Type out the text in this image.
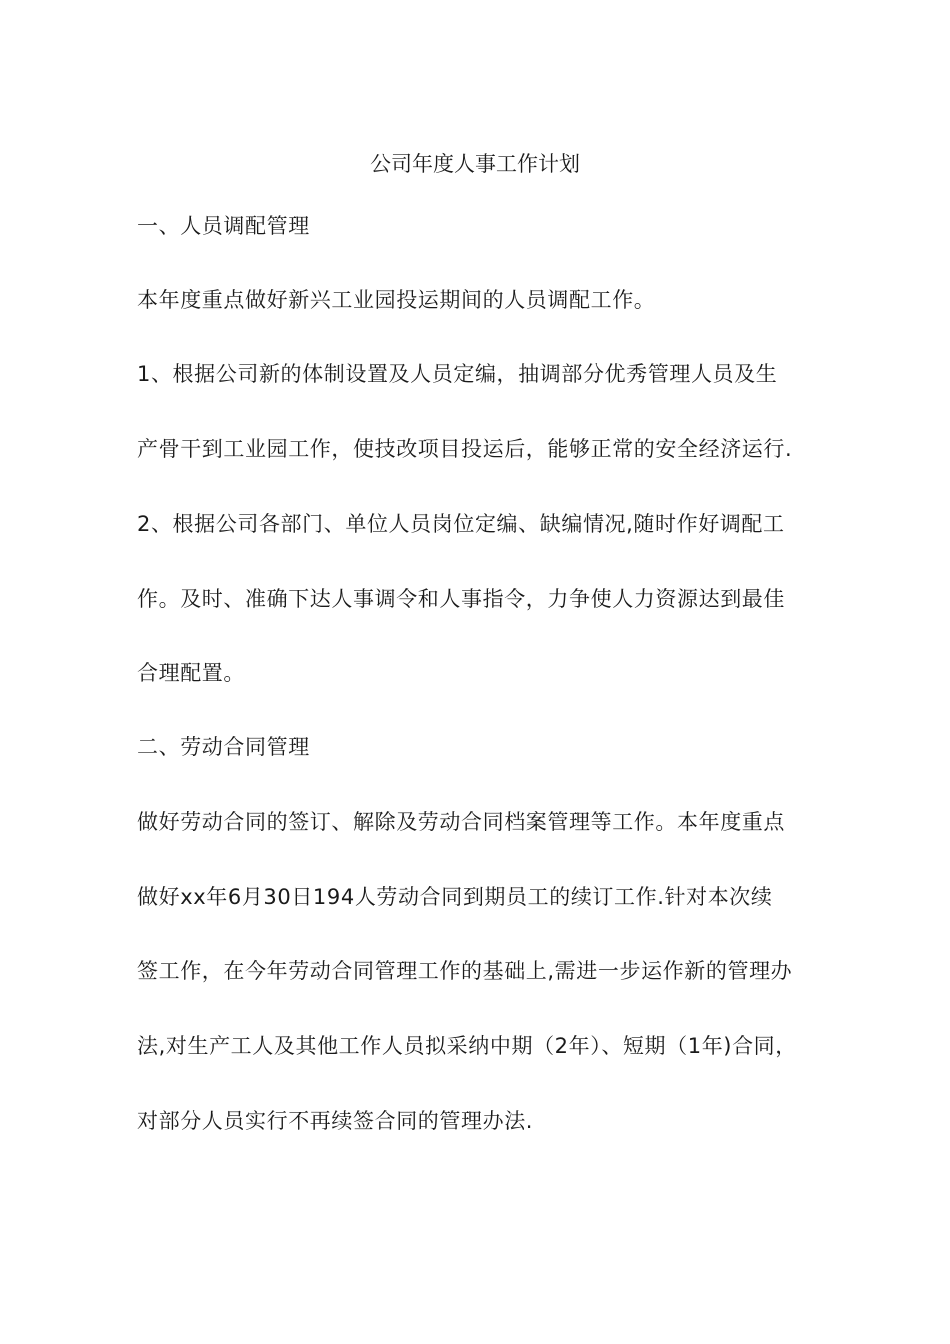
公司年度人事工作计划
一、人员调配管理
本年度重点做好新兴工业园投运期间的人员调配工作。
1、根据公司新的体制设置及人员定编，抽调部分优秀管理人员及生
产骨干到工业园工作，使技改项目投运后，能够正常的安全经济运行.
2、根据公司各部门、单位人员岗位定编、缺编情况,随时作好调配工
作。及时、准确下达人事调令和人事指令，力争使人力资源达到最佳
合理配置。
二、劳动合同管理
做好劳动合同的签订、解除及劳动合同档案管理等工作。本年度重点
做好xx年6月30日194人劳动合同到期员工的续订工作.针对本次续
签工作，在今年劳动合同管理工作的基础上,需进一步运作新的管理办
法,对生产工人及其他工作人员拟采纳中期（2年）、短期（1年)合同，
对部分人员实行不再续签合同的管理办法.
